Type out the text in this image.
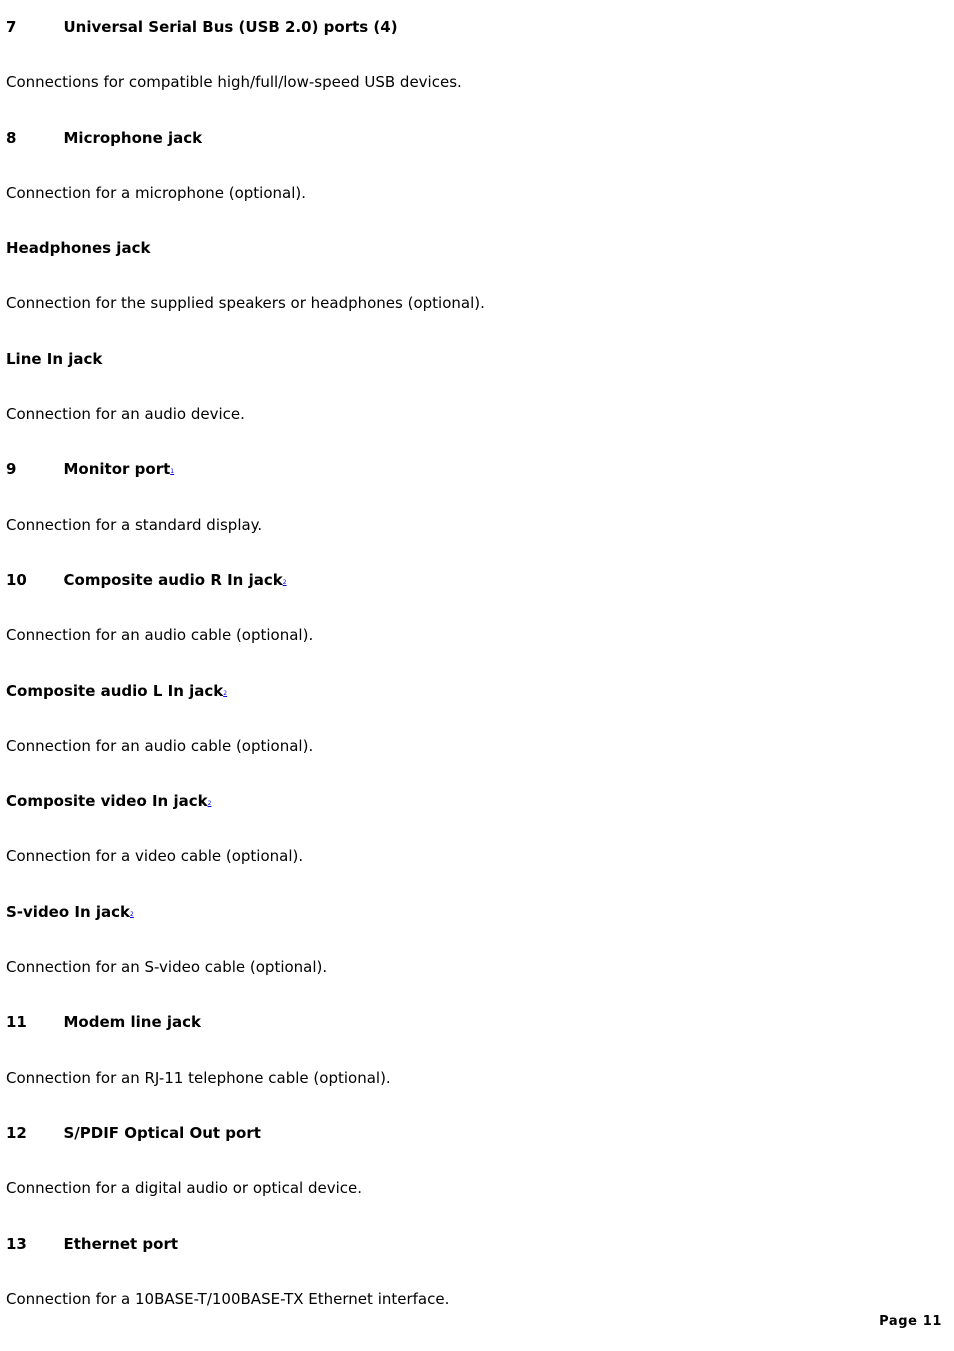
7	Universal Serial Bus (USB 2.0) ports (4)
Connections for compatible high/full/low-speed USB devices.
8	Microphone jack
Connection for a microphone (optional).
Headphones jack
Connection for the supplied speakers or headphones (optional).
Line In jack
Connection for an audio device.
9	Monitor port1
Connection for a standard display.
10 Composite audio R In jack2
Connection for an audio cable (optional).
Composite audio L In jack2
Connection for an audio cable (optional).
Composite video In jack2
Connection for a video cable (optional).
S-video In jack2
Connection for an S-video cable (optional).
11 Modem line jack
Connection for an RJ-11 telephone cable (optional).
12 S/PDIF Optical Out port
Connection for a digital audio or optical device.
13 Ethernet port
Connection for a 10BASE-T/100BASE-TX Ethernet interface.
Page 11
